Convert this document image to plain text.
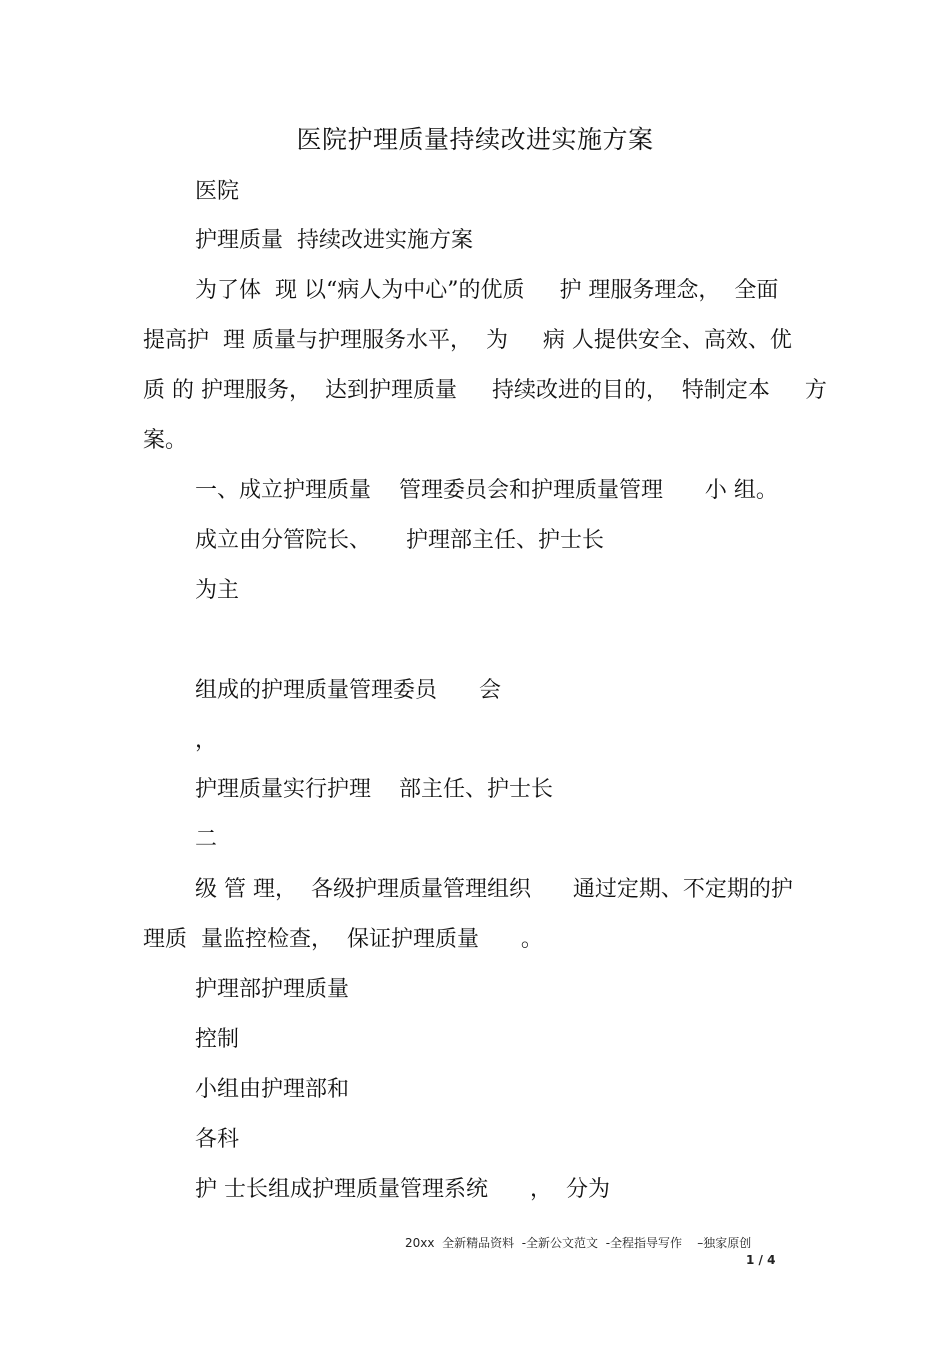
医院护理质量持续改进实施方案
医院
护理质量  持续改进实施方案
为了体  现 以“病人为中心”的优质     护 理服务理念，  全面
提高护  理 质量与护理服务水平，  为     病 人提供安全、高效、优
质 的 护理服务，  达到护理质量     持续改进的目的，  特制定本     方
案。
一、成立护理质量    管理委员会和护理质量管理      小 组。
成立由分管院长、     护理部主任、护士长
为主
组成的护理质量管理委员      会
，
护理质量实行护理    部主任、护士长
二
级 管 理，  各级护理质量管理组织      通过定期、不定期的护
理质  量监控检查，  保证护理质量      。
护理部护理质量
控制
小组由护理部和
各科
护 士长组成护理质量管理系统      ，  分为
20xx  全新精品资料  -全新公文范文  -全程指导写作    –独家原创
1 / 4
